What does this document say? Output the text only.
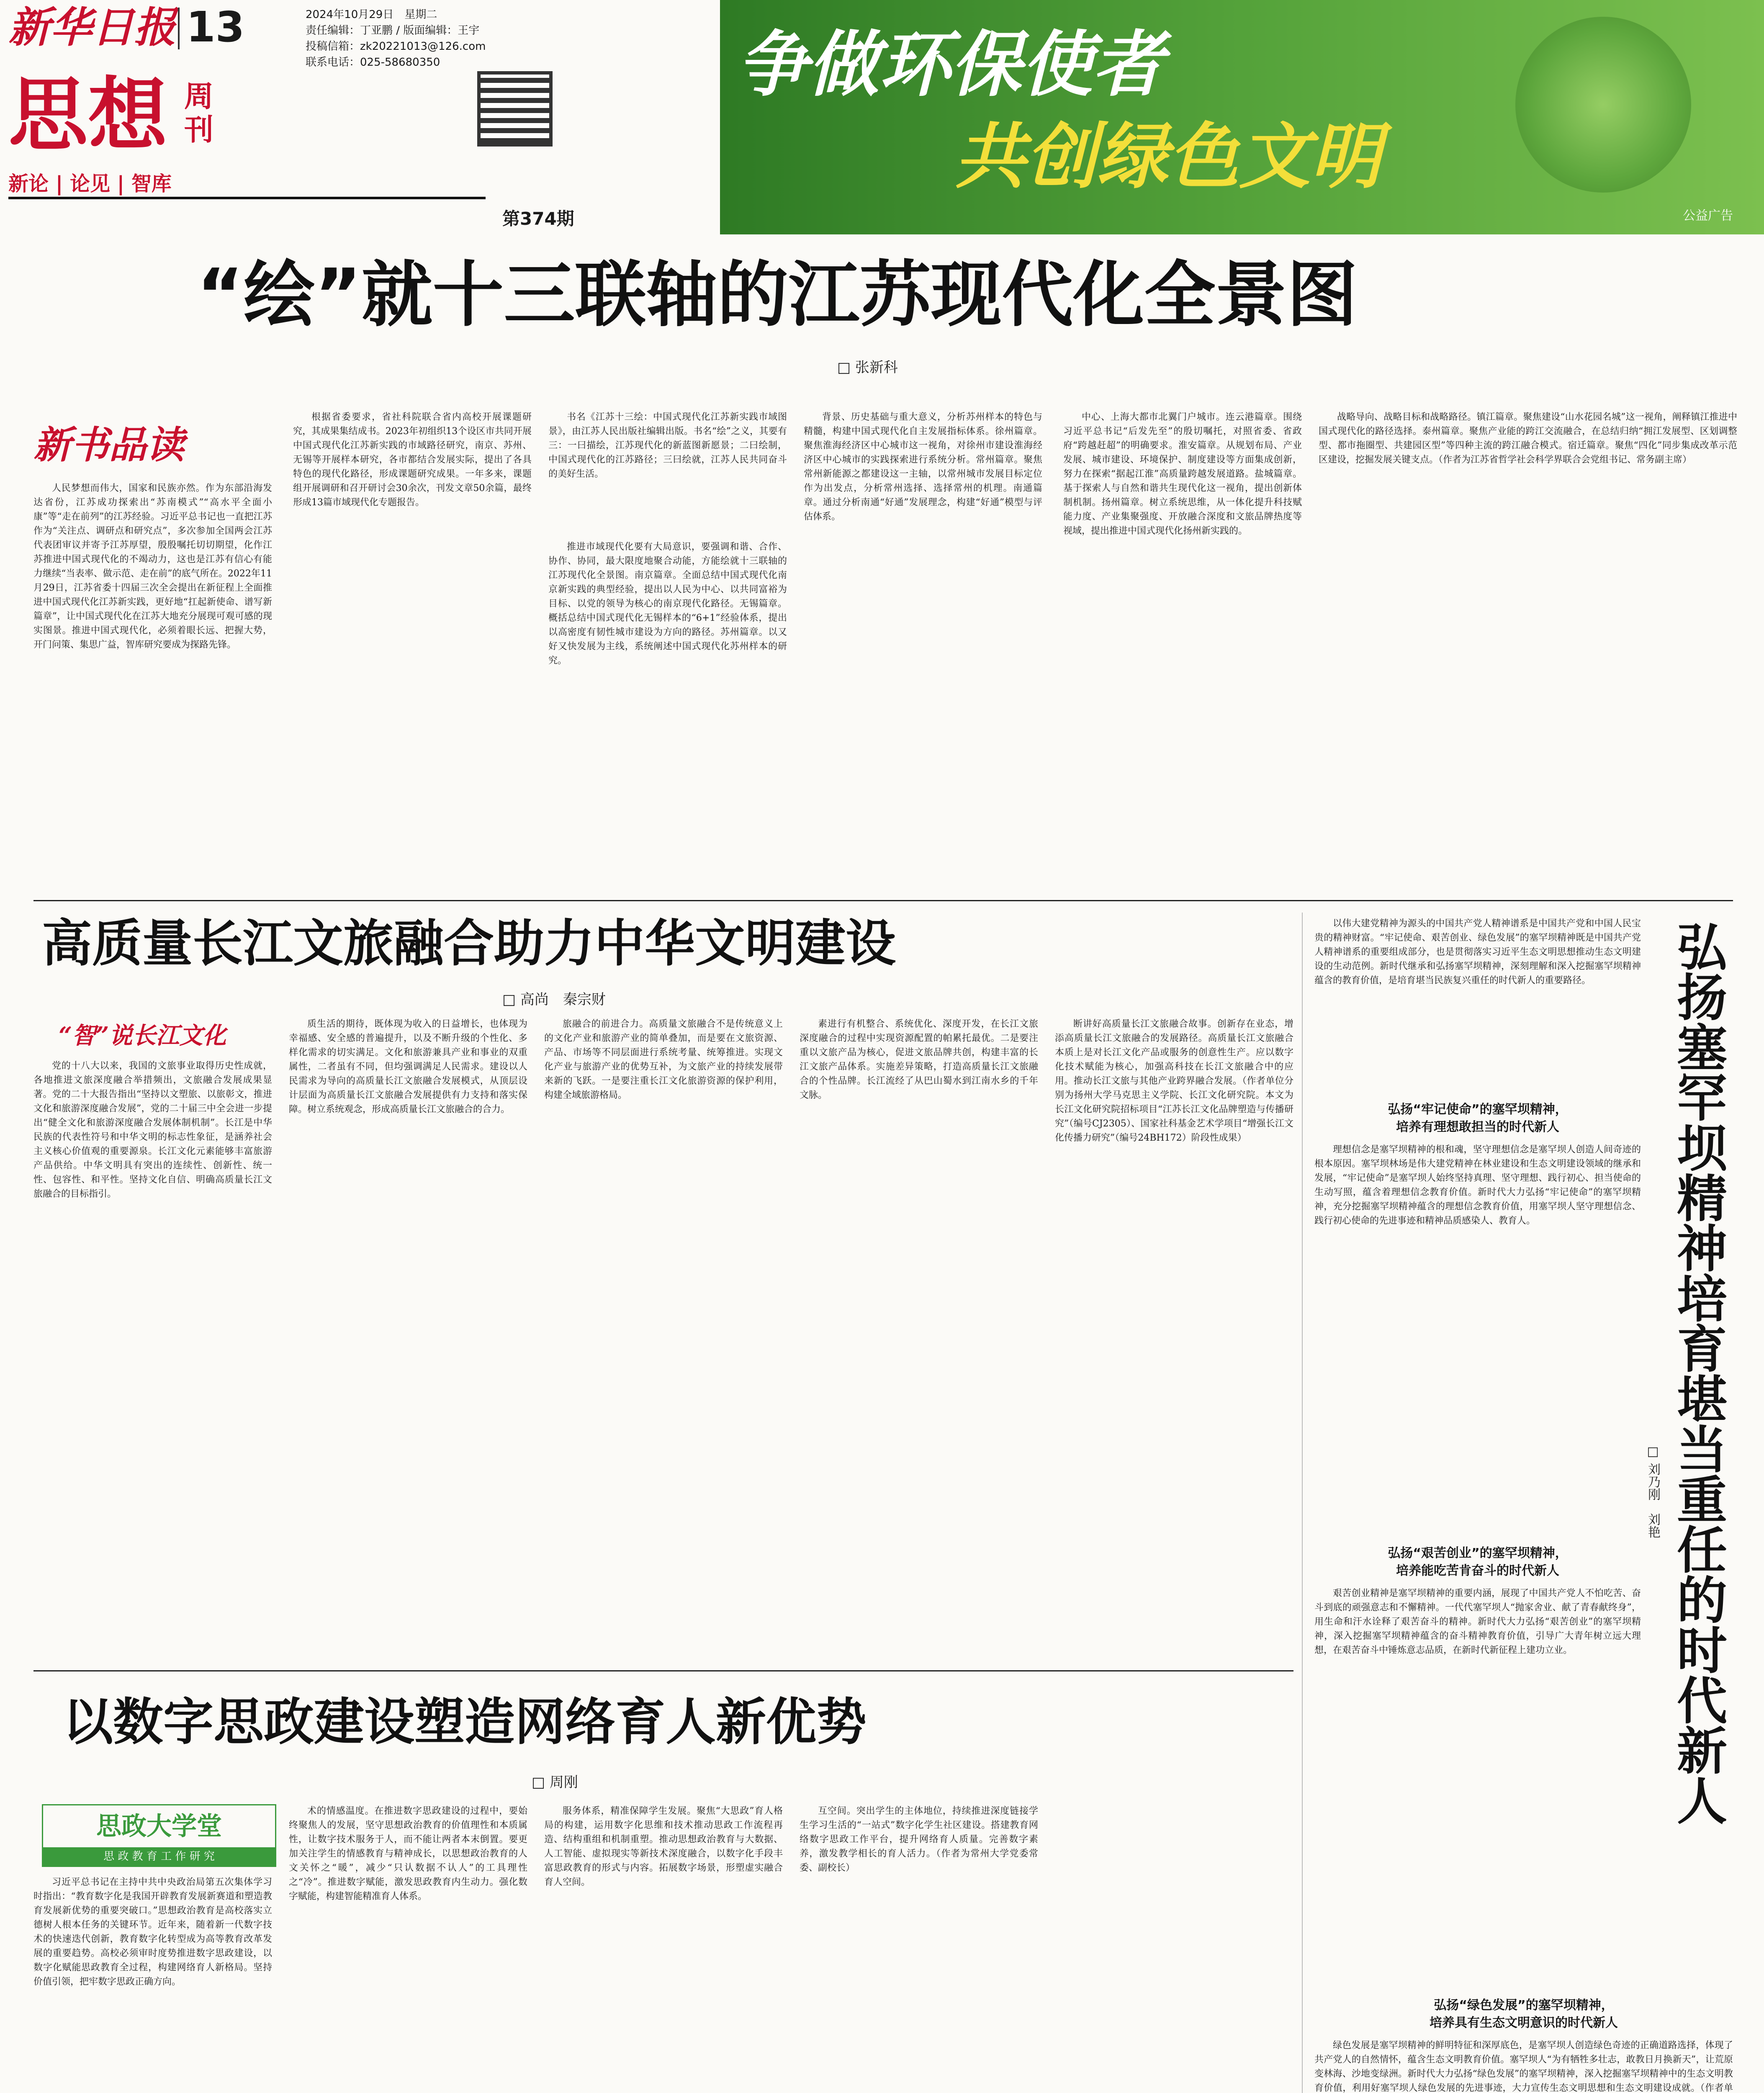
新华日报 13	2024年10月29日　星期二
责任编辑：丁亚鹏 / 版面编辑：王宇
投稿信箱：zk20221013@126.com
联系电话：025-58680350
思想 周刊
新论 | 论见 | 智库
第374期
争做环保使者
共创绿色文明
公益广告
“绘”就十三联轴的江苏现代化全景图
□ 张新科
新书品读
人民梦想而伟大，国家和民族亦然。作为东部沿海发达省份，江苏成功探索出“苏南模式”“高水平全面小康”等“走在前列”的江苏经验。习近平总书记也一直把江苏作为“关注点、调研点和研究点”，多次参加全国两会江苏代表团审议并寄予江苏厚望，殷殷嘱托切切期望，化作江苏推进中国式现代化的不竭动力，这也是江苏有信心有能力继续“当表率、做示范、走在前”的底气所在。2022年11月29日，江苏省委十四届三次全会提出在新征程上全面推进中国式现代化江苏新实践，更好地“扛起新使命、谱写新篇章”，让中国式现代化在江苏大地充分展现可观可感的现实图景。推进中国式现代化，必须着眼长远、把握大势，开门问策、集思广益，智库研究要成为探路先锋。
根据省委要求，省社科院联合省内高校开展课题研究，其成果集结成书。2023年初组织13个设区市共同开展中国式现代化江苏新实践的市域路径研究，南京、苏州、无锡等开展样本研究，各市都结合发展实际，提出了各具特色的现代化路径，形成课题研究成果。一年多来，课题组开展调研和召开研讨会30余次，刊发文章50余篇，最终形成13篇市域现代化专题报告。
书名《江苏十三绘：中国式现代化江苏新实践市域图景》，由江苏人民出版社编辑出版。书名“绘”之义，其要有三：一曰描绘，江苏现代化的新蓝图新愿景；二曰绘制，中国式现代化的江苏路径；三曰绘就，江苏人民共同奋斗的美好生活。
推进市域现代化要有大局意识，要强调和谐、合作、协作、协同，最大限度地聚合动能，方能绘就十三联轴的江苏现代化全景图。南京篇章。全面总结中国式现代化南京新实践的典型经验，提出以人民为中心、以共同富裕为目标、以党的领导为核心的南京现代化路径。无锡篇章。概括总结中国式现代化无锡样本的“6+1”经验体系，提出以高密度有韧性城市建设为方向的路径。苏州篇章。以又好又快发展为主线，系统阐述中国式现代化苏州样本的研究。
背景、历史基础与重大意义，分析苏州样本的特色与精髓，构建中国式现代化自主发展指标体系。徐州篇章。聚焦淮海经济区中心城市这一视角，对徐州市建设淮海经济区中心城市的实践探索进行系统分析。常州篇章。聚焦常州新能源之都建设这一主轴，以常州城市发展目标定位作为出发点，分析常州选择、选择常州的机理。南通篇章。通过分析南通“好通”发展理念，构建“好通”模型与评估体系。
中心、上海大都市北翼门户城市。连云港篇章。围绕习近平总书记“后发先至”的殷切嘱托，对照省委、省政府“跨越赶超”的明确要求。淮安篇章。从规划布局、产业发展、城市建设、环境保护、制度建设等方面集成创新，努力在探索“据起江淮”高质量跨越发展道路。盐城篇章。基于探索人与自然和谐共生现代化这一视角，提出创新体制机制。扬州篇章。树立系统思维，从一体化提升科技赋能力度、产业集聚强度、开放融合深度和文旅品牌热度等视域，提出推进中国式现代化扬州新实践的。
战略导向、战略目标和战略路径。镇江篇章。聚焦建设“山水花园名城”这一视角，阐释镇江推进中国式现代化的路径选择。泰州篇章。聚焦产业能的跨江交流融合，在总结归纳“拥江发展型、区划调整型、都市拖圈型、共建园区型”等四种主流的跨江融合模式。宿迁篇章。聚焦“四化”同步集成改革示范区建设，挖掘发展关键支点。（作者为江苏省哲学社会科学界联合会党组书记、常务副主席）
高质量长江文旅融合助力中华文明建设
□ 高尚　秦宗财
“智”说长江文化
党的十八大以来，我国的文旅事业取得历史性成就，各地推进文旅深度融合举措频出，文旅融合发展成果显著。党的二十大报告指出“坚持以文塑旅、以旅彰文，推进文化和旅游深度融合发展”，党的二十届三中全会进一步提出“健全文化和旅游深度融合发展体制机制”。长江是中华民族的代表性符号和中华文明的标志性象征，是涵养社会主义核心价值观的重要源泉。长江文化元素能够丰富旅游产品供给。中华文明具有突出的连续性、创新性、统一性、包容性、和平性。坚持文化自信、明确高质量长江文旅融合的目标指引。
质生活的期待，既体现为收入的日益增长，也体现为幸福感、安全感的普遍提升，以及不断升级的个性化、多样化需求的切实满足。文化和旅游兼具产业和事业的双重属性，二者虽有不同，但均强调满足人民需求。建设以人民需求为导向的高质量长江文旅融合发展模式，从顶层设计层面为高质量长江文旅融合发展提供有力支持和落实保障。树立系统观念，形成高质量长江文旅融合的合力。
旅融合的前进合力。高质量文旅融合不是传统意义上的文化产业和旅游产业的简单叠加，而是要在文旅资源、产品、市场等不同层面进行系统考量、统筹推进。实现文化产业与旅游产业的优势互补，为文旅产业的持续发展带来新的飞跃。一是要注重长江文化旅游资源的保护利用，构建全域旅游格局。
素进行有机整合、系统优化、深度开发，在长江文旅深度融合的过程中实现资源配置的帕累托最优。二是要注重以文旅产品为核心，促进文旅品牌共创，构建丰富的长江文旅产品体系。实施差异策略，打造高质量长江文旅融合的个性品牌。长江流经了从巴山蜀水到江南水乡的千年文脉。
断讲好高质量长江文旅融合故事。创新存在业态，增添高质量长江文旅融合的发展路径。高质量长江文旅融合本质上是对长江文化产品或服务的创意性生产。应以数字化技术赋能为核心，加强高科技在长江文旅融合中的应用。推动长江文旅与其他产业跨界融合发展。（作者单位分别为扬州大学马克思主义学院、长江文化研究院。本文为长江文化研究院招标项目“江苏长江文化品牌塑造与传播研究”（编号CJ2305）、国家社科基金艺术学项目“增强长江文化传播力研究”（编号24BH172）阶段性成果）
以数字思政建设塑造网络育人新优势
□ 周刚
思政大学堂
思 政 教 育 工 作 研 究
习近平总书记在主持中共中央政治局第五次集体学习时指出：“教育数字化是我国开辟教育发展新赛道和塑造教育发展新优势的重要突破口。”思想政治教育是高校落实立德树人根本任务的关键环节。近年来，随着新一代数字技术的快速迭代创新，教育数字化转型成为高等教育改革发展的重要趋势。高校必须审时度势推进数字思政建设，以数字化赋能思政教育全过程，构建网络育人新格局。坚持价值引领，把牢数字思政正确方向。
术的情感温度。在推进数字思政建设的过程中，要始终聚焦人的发展，坚守思想政治教育的价值理性和本质属性，让数字技术服务于人，而不能让两者本末倒置。要更加关注学生的情感教育与精神成长，以思想政治教育的人文关怀之“暖”，减少“只认数据不认人”的工具理性之“冷”。推进数字赋能，激发思政教育内生动力。强化数字赋能，构建智能精准育人体系。
服务体系，精准保障学生发展。聚焦“大思政”育人格局的构建，运用数字化思维和技术推动思政工作流程再造、结构重组和机制重塑。推动思想政治教育与大数据、人工智能、虚拟现实等新技术深度融合，以数字化手段丰富思政教育的形式与内容。拓展数字场景，形塑虚实融合育人空间。
互空间。突出学生的主体地位，持续推进深度链接学生学习生活的“一站式”数字化学生社区建设。搭建教育网络数字思政工作平台，提升网络育人质量。完善数字素养，激发教学相长的育人活力。（作者为常州大学党委常委、副校长）
以伟大建党精神为源头的中国共产党人精神谱系是中国共产党和中国人民宝贵的精神财富。“牢记使命、艰苦创业、绿色发展”的塞罕坝精神既是中国共产党人精神谱系的重要组成部分，也是贯彻落实习近平生态文明思想推动生态文明建设的生动范例。新时代继承和弘扬塞罕坝精神，深刻理解和深入挖掘塞罕坝精神蕴含的教育价值，是培育堪当民族复兴重任的时代新人的重要路径。
弘扬“牢记使命”的塞罕坝精神，
培养有理想敢担当的时代新人
理想信念是塞罕坝精神的根和魂，坚守理想信念是塞罕坝人创造人间奇迹的根本原因。塞罕坝林场是伟大建党精神在林业建设和生态文明建设领域的继承和发展，“牢记使命”是塞罕坝人始终坚持真理、坚守理想、践行初心、担当使命的生动写照，蕴含着理想信念教育价值。新时代大力弘扬“牢记使命”的塞罕坝精神，充分挖掘塞罕坝精神蕴含的理想信念教育价值，用塞罕坝人坚守理想信念、践行初心使命的先进事迹和精神品质感染人、教育人。
弘扬“艰苦创业”的塞罕坝精神，
培养能吃苦肯奋斗的时代新人
艰苦创业精神是塞罕坝精神的重要内涵，展现了中国共产党人不怕吃苦、奋斗到底的顽强意志和不懈精神。一代代塞罕坝人“抛家舍业、献了青春献终身”，用生命和汗水诠释了艰苦奋斗的精神。新时代大力弘扬“艰苦创业”的塞罕坝精神，深入挖掘塞罕坝精神蕴含的奋斗精神教育价值，引导广大青年树立远大理想，在艰苦奋斗中锤炼意志品质，在新时代新征程上建功立业。
弘扬“绿色发展”的塞罕坝精神，
培养具有生态文明意识的时代新人
绿色发展是塞罕坝精神的鲜明特征和深厚底色，是塞罕坝人创造绿色奇迹的正确道路选择，体现了共产党人的自然情怀，蕴含生态文明教育价值。塞罕坝人“为有牺牲多壮志，敢教日月换新天”，让荒原变林海、沙地变绿洲。新时代大力弘扬“绿色发展”的塞罕坝精神，深入挖掘塞罕坝精神中的生态文明教育价值，利用好塞罕坝人绿色发展的先进事迹，大力宣传生态文明思想和生态文明建设成就。（作者单
弘扬塞罕坝精神培育堪当重任的时代新人
□ 刘乃刚　刘艳
